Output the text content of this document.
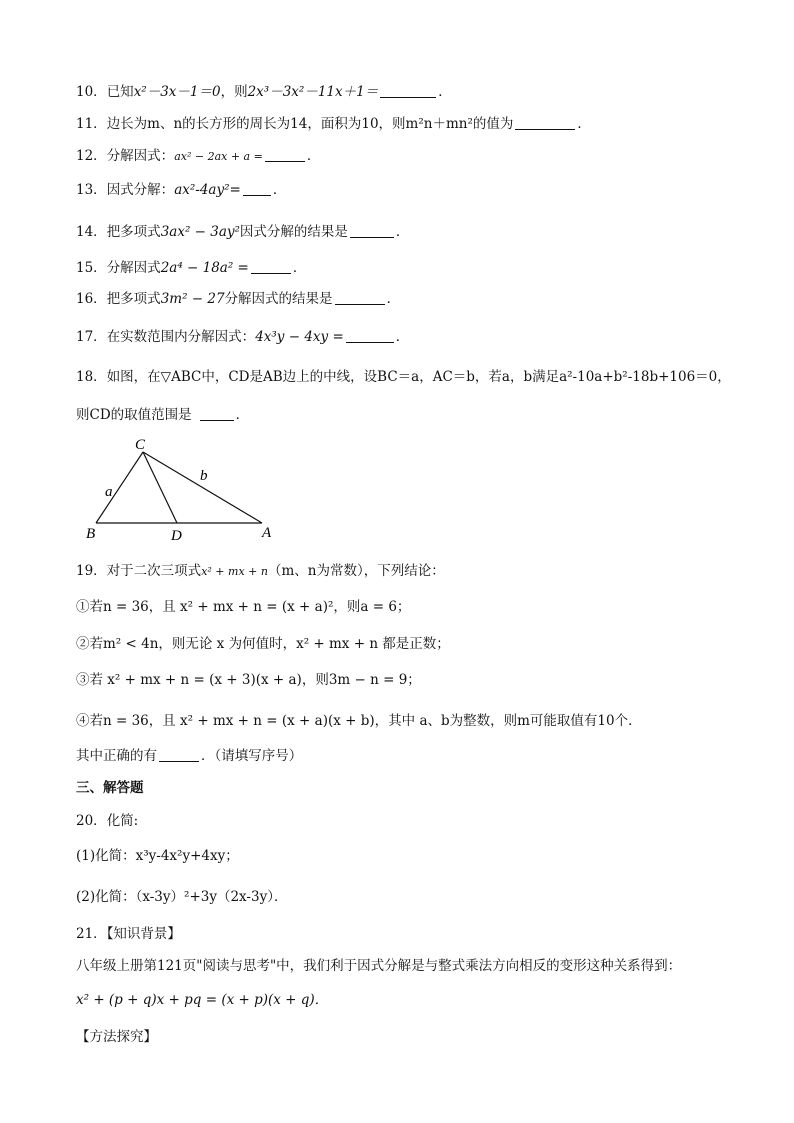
10．已知x²－3x－1＝0，则2x³－3x²－11x＋1＝	．
11．边长为m、n的长方形的周长为14，面积为10，则m²n＋mn²的值为	．
12．分解因式：ax² − 2ax + a =	．
13．因式分解：ax²-4ay²= ．
14．把多项式3ax² − 3ay²因式分解的结果是	．
15．分解因式2a⁴ − 18a² =	．
16．把多项式3m² − 27分解因式的结果是	．
17．在实数范围内分解因式：4x³y − 4xy =	．
18．如图，在▽ABC中，CD是AB边上的中线，设BC＝a，AC＝b，若a，b满足a²-10a+b²-18b+106＝0，
则CD的取值范围是	．
C
B	D	A
a
b
19．对于二次三项式x² + mx + n（m、n为常数），下列结论：
①若n = 36，且 x² + mx + n = (x + a)²，则a = 6；
②若m² < 4n，则无论 x 为何值时，x² + mx + n 都是正数；
③若 x² + mx + n = (x + 3)(x + a)，则3m − n = 9；
④若n = 36，且 x² + mx + n = (x + a)(x + b)，其中 a、b为整数，则m可能取值有10个．
其中正确的有	．（请填写序号）
三、解答题
20．化简:
(1)化简：x³y-4x²y+4xy；
(2)化简：（x-3y）²+3y（2x-3y）．
21．【知识背景】
八年级上册第121页"阅读与思考"中，我们利于因式分解是与整式乘法方向相反的变形这种关系得到：
x² + (p + q)x + pq = (x + p)(x + q)．
【方法探究】
